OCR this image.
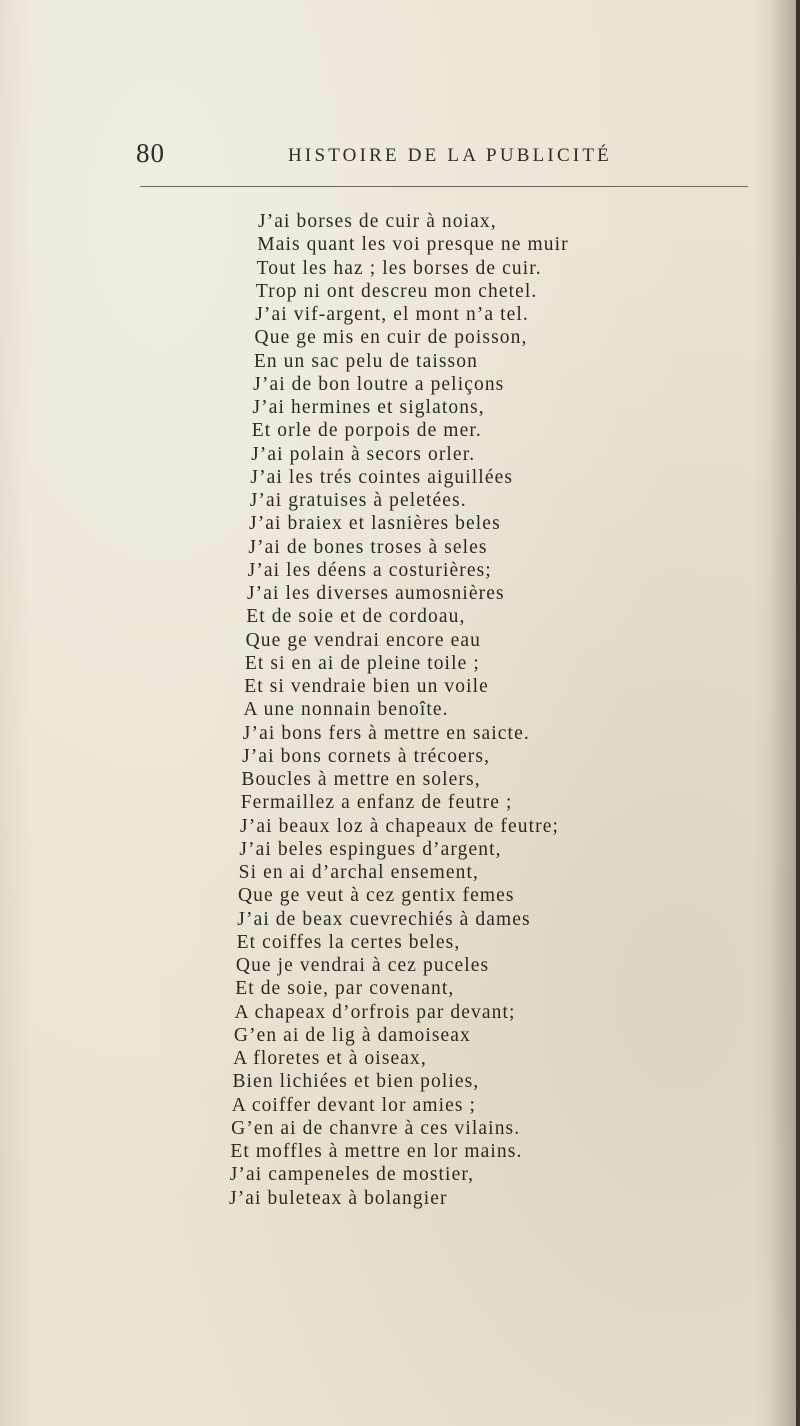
80	HISTOIRE DE LA PUBLICITÉ
J’ai borses de cuir à noiax,
Mais quant les voi presque ne muir
Tout les haz ; les borses de cuir.
Trop ni ont descreu mon chetel.
J’ai vif-argent, el mont n’a tel.
Que ge mis en cuir de poisson,
En un sac pelu de taisson
J’ai de bon loutre a peliçons
J’ai hermines et siglatons,
Et orle de porpois de mer.
J’ai polain à secors orler.
J’ai les trés cointes aiguillées
J’ai gratuises à peletées.
J’ai braiex et lasnières beles
J’ai de bones troses à seles
J’ai les déens a costurières;
J’ai les diverses aumosnières
Et de soie et de cordoau,
Que ge vendrai encore eau
Et si en ai de pleine toile ;
Et si vendraie bien un voile
A une nonnain benoîte.
J’ai bons fers à mettre en saicte.
J’ai bons cornets à trécoers,
Boucles à mettre en solers,
Fermaillez a enfanz de feutre ;
J’ai beaux loz à chapeaux de feutre;
J’ai beles espingues d’argent,
Si en ai d’archal ensement,
Que ge veut à cez gentix femes
J’ai de beax cuevrechiés à dames
Et coiffes la certes beles,
Que je vendrai à cez puceles
Et de soie, par covenant,
A chapeax d’orfrois par devant;
G’en ai de lig à damoiseax
A floretes et à oiseax,
Bien lichiées et bien polies,
A coiffer devant lor amies ;
G’en ai de chanvre à ces vilains.
Et moffles à mettre en lor mains.
J’ai campeneles de mostier,
J’ai buleteax à bolangier
